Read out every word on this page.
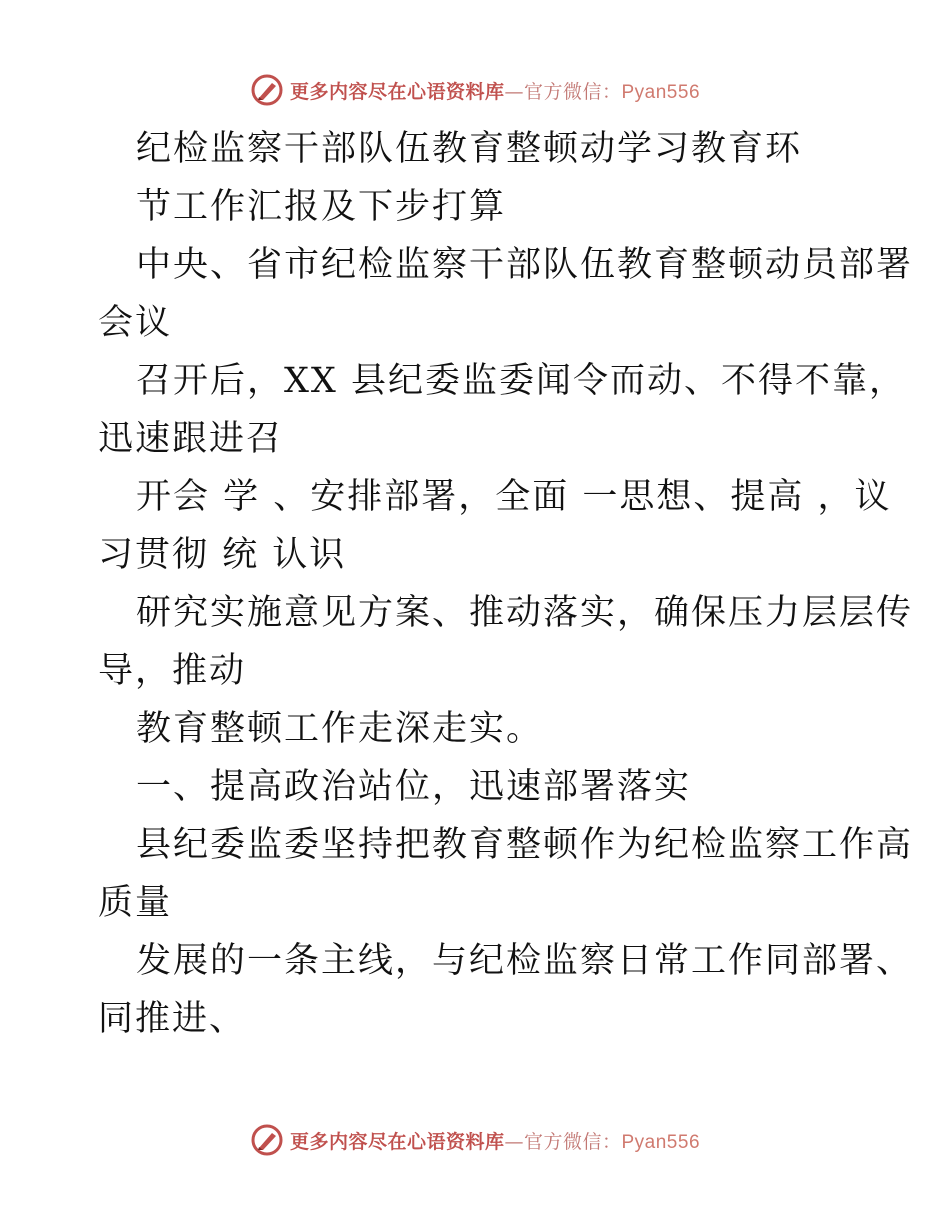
更多内容尽在心语资料库—官方微信：Pyan556
纪检监察干部队伍教育整顿动学习教育环
节工作汇报及下步打算
中央、省市纪检监察干部队伍教育整顿动员部署
会议
召开后，XX 县纪委监委闻令而动、不得不靠，
迅速跟进召
开会 学 、安排部署，全面 一思想、提高 ，议
习贯彻 统 认识
研究实施意见方案、推动落实，确保压力层层传
导，推动
教育整顿工作走深走实。
一、提高政治站位，迅速部署落实
县纪委监委坚持把教育整顿作为纪检监察工作高
质量
发展的一条主线，与纪检监察日常工作同部署、
同推进、
更多内容尽在心语资料库—官方微信：Pyan556
